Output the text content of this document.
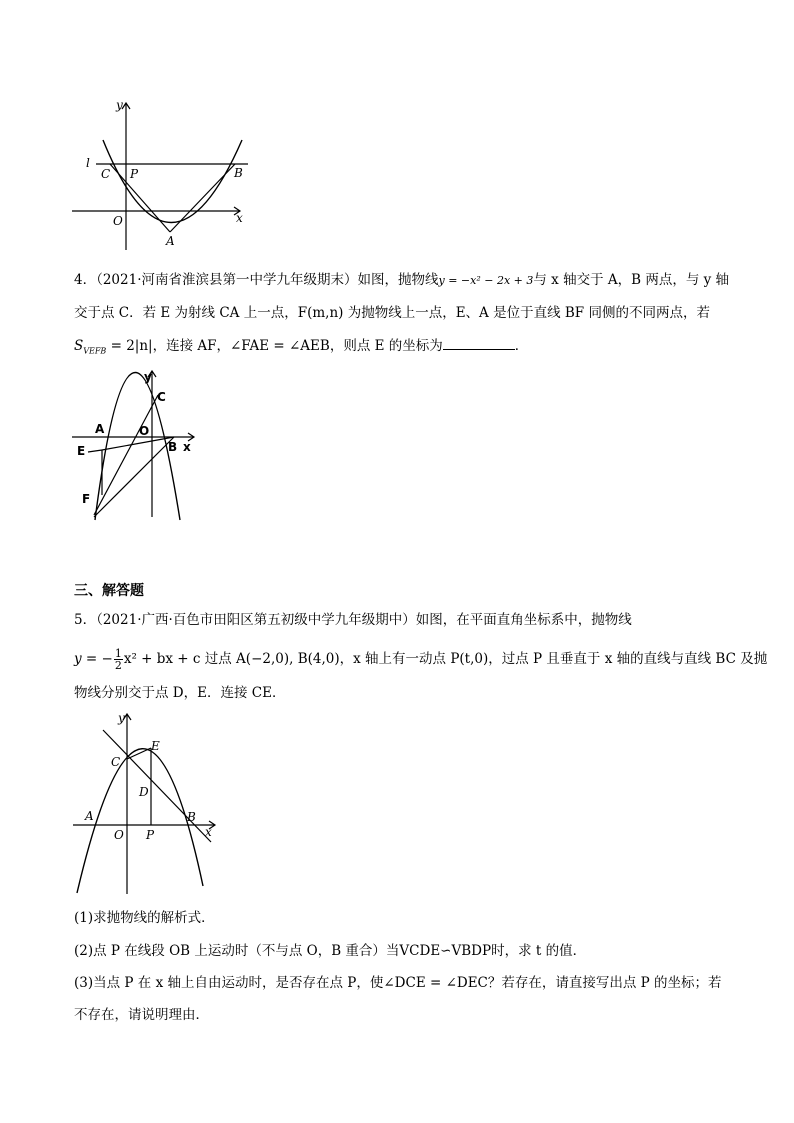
l
y
C P	B
O
A
x
4．（2021·河南省淮滨县第一中学九年级期末）如图，抛物线y = −x² − 2x + 3与 x 轴交于 A，B 两点，与 y 轴
交于点 C．若 E 为射线 CA 上一点，F(m,n) 为抛物线上一点，E、A 是位于直线 BF 同侧的不同两点，若
$S_{VEFB} = 2|n|$，连接 AF，∠FAE = ∠AEB，则点 E 的坐标为	．
y
C
A	O
B x
E
F
三、解答题
5．（2021·广西·百色市田阳区第五初级中学九年级期中）如图，在平面直角坐标系中，抛物线
y = − $\frac{1}{2} x^2$ + bx + c 过点 A(−2,0), B(4,0)，x 轴上有一动点 P(t,0)，过点 P 且垂直于 x 轴的直线与直线 BC 及抛
物线分别交于点 D，E．连接 CE．
y
E
C
D
A
O P
B
x
(1)求抛物线的解析式．
(2)点 P 在线段 OB 上运动时（不与点 O，B 重合）当VCDE∽VBDP时，求 t 的值．
(3)当点 P 在 x 轴上自由运动时，是否存在点 P，使∠DCE = ∠DEC？若存在，请直接写出点 P 的坐标；若
不存在，请说明理由．
